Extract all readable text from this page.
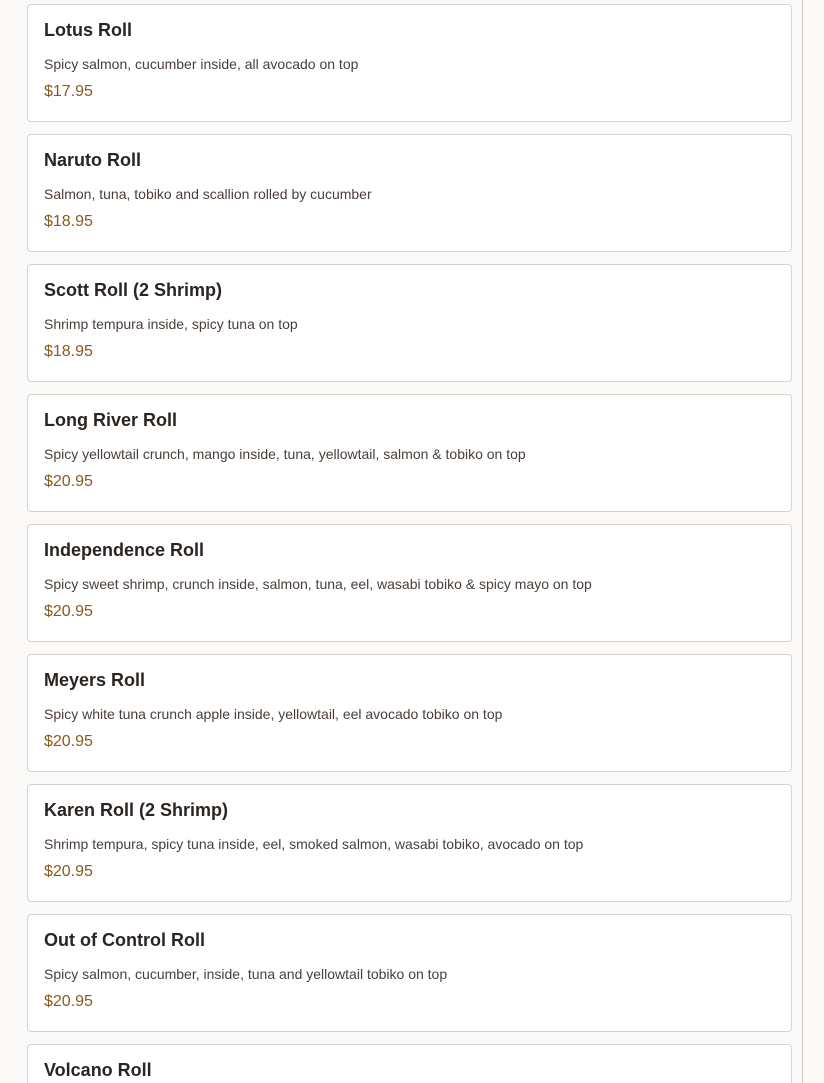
Lotus Roll
Spicy salmon, cucumber inside, all avocado on top
$17.95
Naruto Roll
Salmon, tuna, tobiko and scallion rolled by cucumber
$18.95
Scott Roll (2 Shrimp)
Shrimp tempura inside, spicy tuna on top
$18.95
Long River Roll
Spicy yellowtail crunch, mango inside, tuna, yellowtail, salmon & tobiko on top
$20.95
Independence Roll
Spicy sweet shrimp, crunch inside, salmon, tuna, eel, wasabi tobiko & spicy mayo on top
$20.95
Meyers Roll
Spicy white tuna crunch apple inside, yellowtail, eel avocado tobiko on top
$20.95
Karen Roll (2 Shrimp)
Shrimp tempura, spicy tuna inside, eel, smoked salmon, wasabi tobiko, avocado on top
$20.95
Out of Control Roll
Spicy salmon, cucumber, inside, tuna and yellowtail tobiko on top
$20.95
Volcano Roll
